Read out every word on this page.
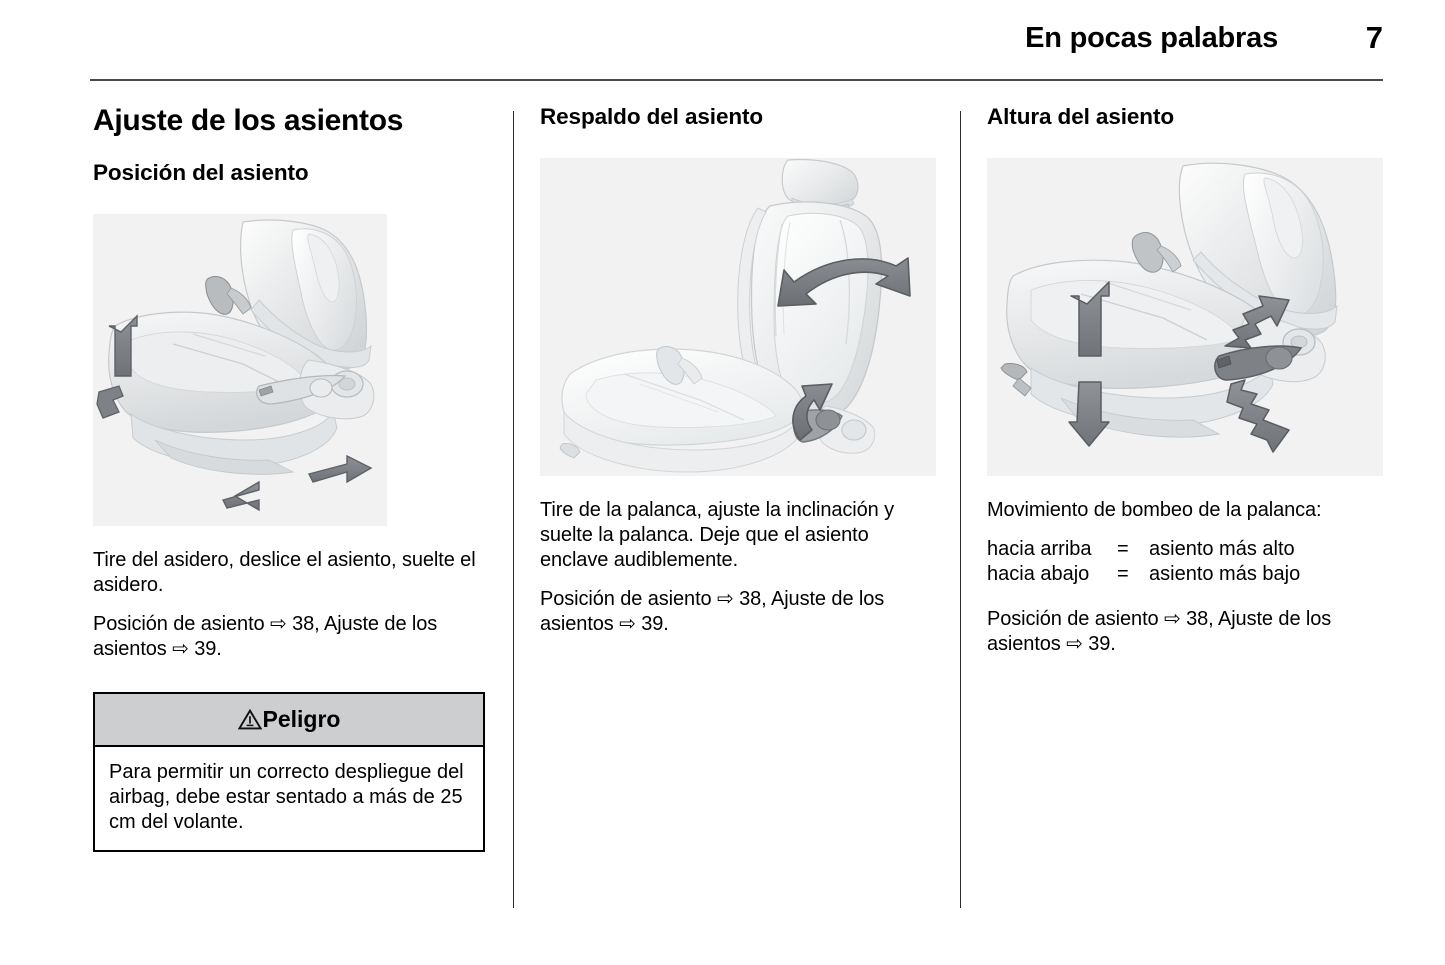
En pocas palabras	7
Ajuste de los asientos
Posición del asiento

Tire del asidero, deslice el asiento, suelte el asidero.

Posición de asiento ⇨ 38, Ajuste de los asientos ⇨ 39.

Peligro
Para permitir un correcto despliegue del airbag, debe estar sentado a más de 25 cm del volante.
Respaldo del asiento

Tire de la palanca, ajuste la inclinación y suelte la palanca. Deje que el asiento enclave audiblemente.

Posición de asiento ⇨ 38, Ajuste de los asientos ⇨ 39.

Altura del asiento

Movimiento de bombeo de la palanca:

hacia arriba	=	asiento más alto
hacia abajo	=	asiento más bajo

Posición de asiento ⇨ 38, Ajuste de los asientos ⇨ 39.
